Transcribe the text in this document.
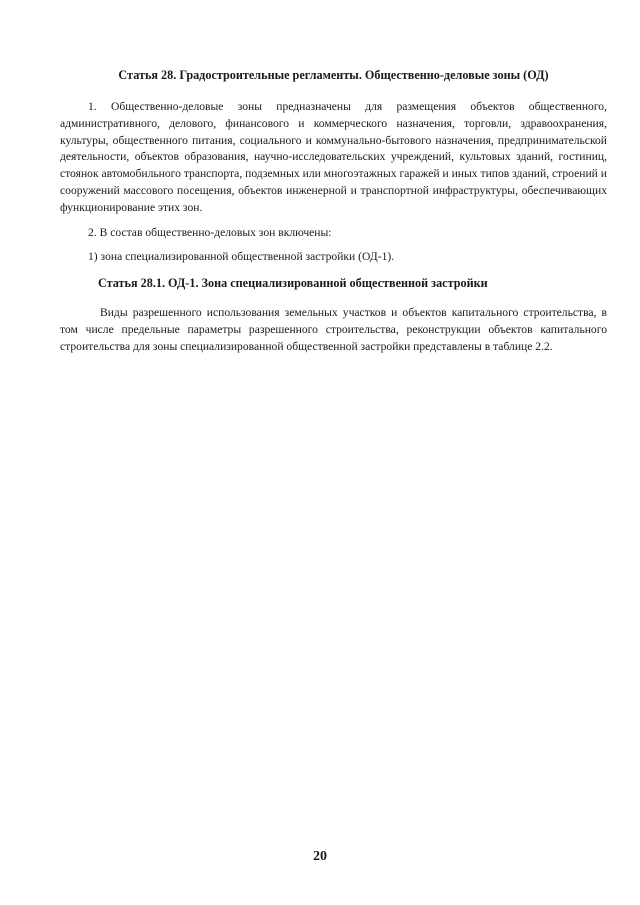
Статья 28. Градостроительные регламенты. Общественно-деловые зоны (ОД)

1. Общественно-деловые зоны предназначены для размещения объектов общественного, административного, делового, финансового и коммерческого назначения, торговли, здравоохранения, культуры, общественного питания, социального и коммунально-бытового назначения, предпринимательской деятельности, объектов образования, научно-исследовательских учреждений, культовых зданий, гостиниц, стоянок автомобильного транспорта, подземных или многоэтажных гаражей и иных типов зданий, строений и сооружений массового посещения, объектов инженерной и транспортной инфраструктуры, обеспечивающих функционирование этих зон.

2. В состав общественно-деловых зон включены:

1) зона специализированной общественной застройки (ОД-1).

Статья 28.1. ОД-1. Зона специализированной общественной застройки

Виды разрешенного использования земельных участков и объектов капитального строительства, в том числе предельные параметры разрешенного строительства, реконструкции объектов капитального строительства для зоны специализированной общественной застройки представлены в таблице 2.2.

20
